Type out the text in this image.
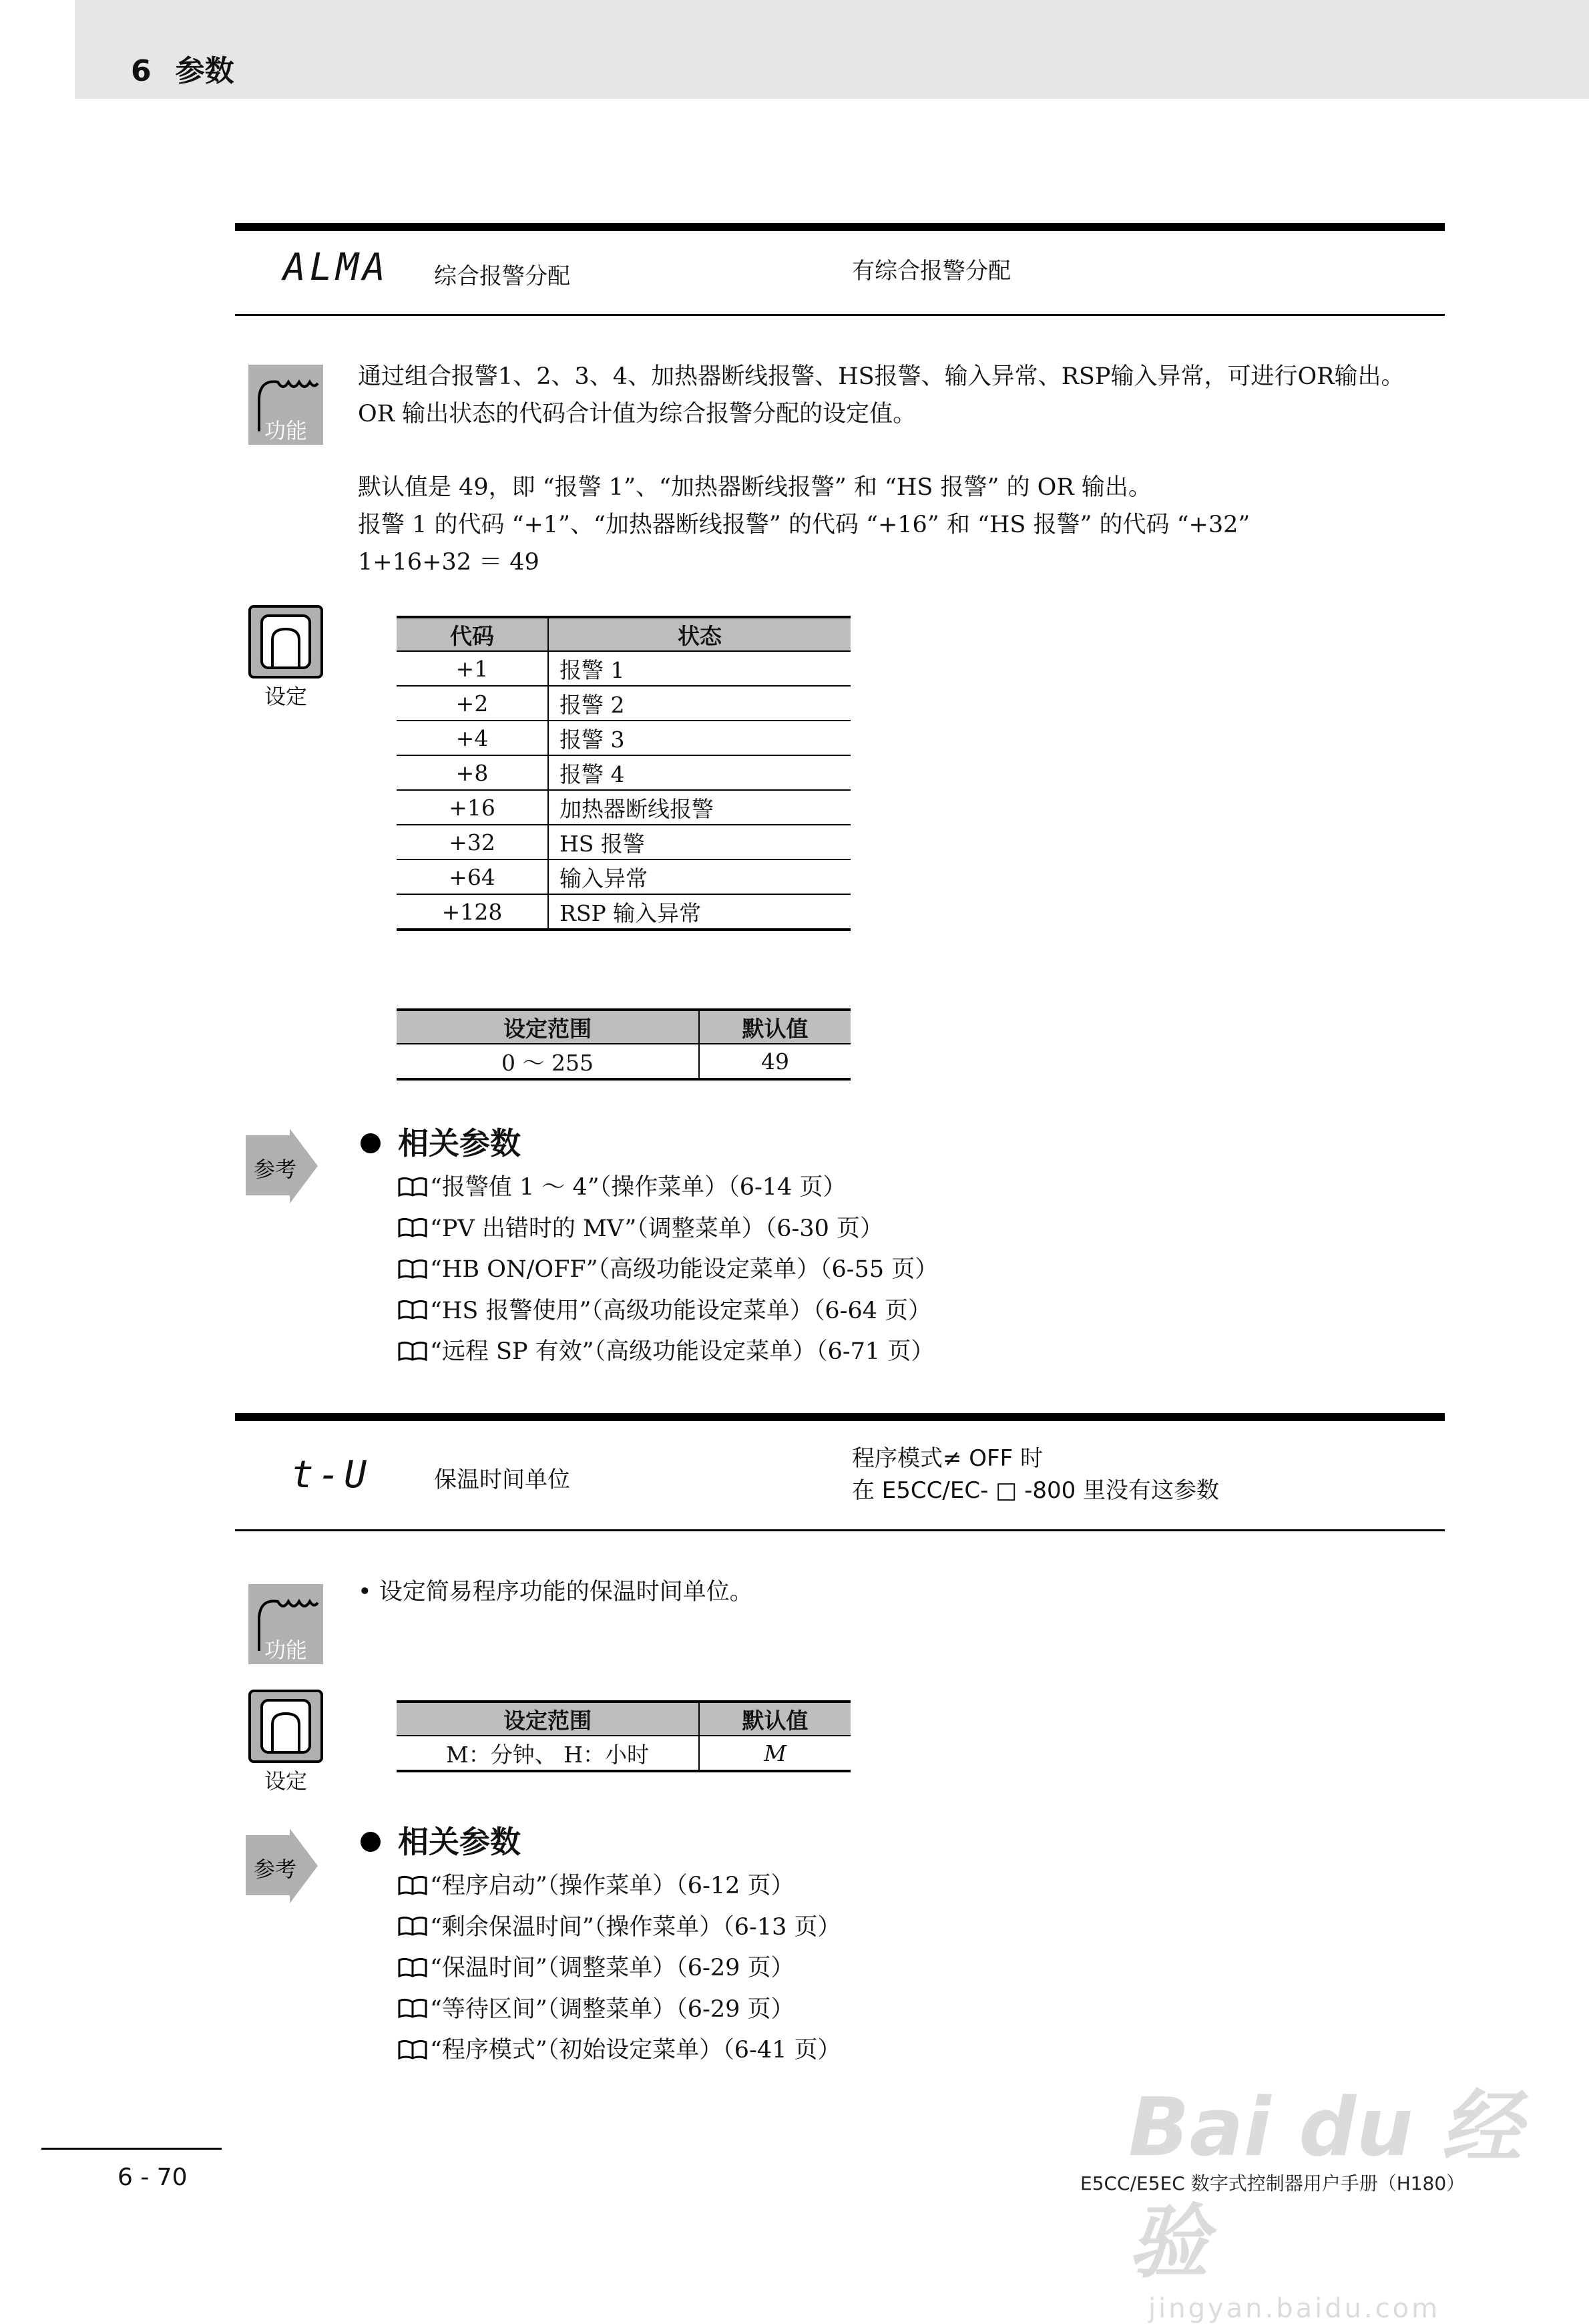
6 参数
ALMA 综合报警分配	有综合报警分配
功能
通过组合报警1、2、3、4、加热器断线报警、HS报警、输入异常、RSP输入异常，可进行OR输出。
OR 输出状态的代码合计值为综合报警分配的设定值。
默认值是 49，即 “报警 1”、“加热器断线报警” 和 “HS 报警” 的 OR 输出。
报警 1 的代码 “+1”、“加热器断线报警” 的代码 “+16” 和 “HS 报警” 的代码 “+32”
1+16+32 ＝ 49
设定
代码	状态
+1	报警 1
+2	报警 2
+4	报警 3
+8	报警 4
+16	加热器断线报警
+32	HS 报警
+64	输入异常
+128	RSP 输入异常
设定范围	默认值
0 ～ 255	49
参考
相关参数
“报警值 1 ～ 4”（操作菜单）（6-14 页）
“PV 出错时的 MV”（调整菜单）（6-30 页）
“HB ON/OFF”（高级功能设定菜单）（6-55 页）
“HS 报警使用”（高级功能设定菜单）（6-64 页）
“远程 SP 有效”（高级功能设定菜单）（6-71 页）
t-U	保温时间单位
程序模式≠ OFF 时
在 E5CC/EC- □ -800 里没有这参数
功能
• 设定简易程序功能的保温时间单位。
设定
设定范围	默认值
M：分钟、 H：小时	M
参考
相关参数
“程序启动”（操作菜单）（6-12 页）
“剩余保温时间”（操作菜单）（6-13 页）
“保温时间”（调整菜单）（6-29 页）
“等待区间”（调整菜单）（6-29 页）
“程序模式”（初始设定菜单）（6-41 页）
Bai du 经验
jingyan.baidu.com
6 - 70	E5CC/E5EC 数字式控制器用户手册（H180）
